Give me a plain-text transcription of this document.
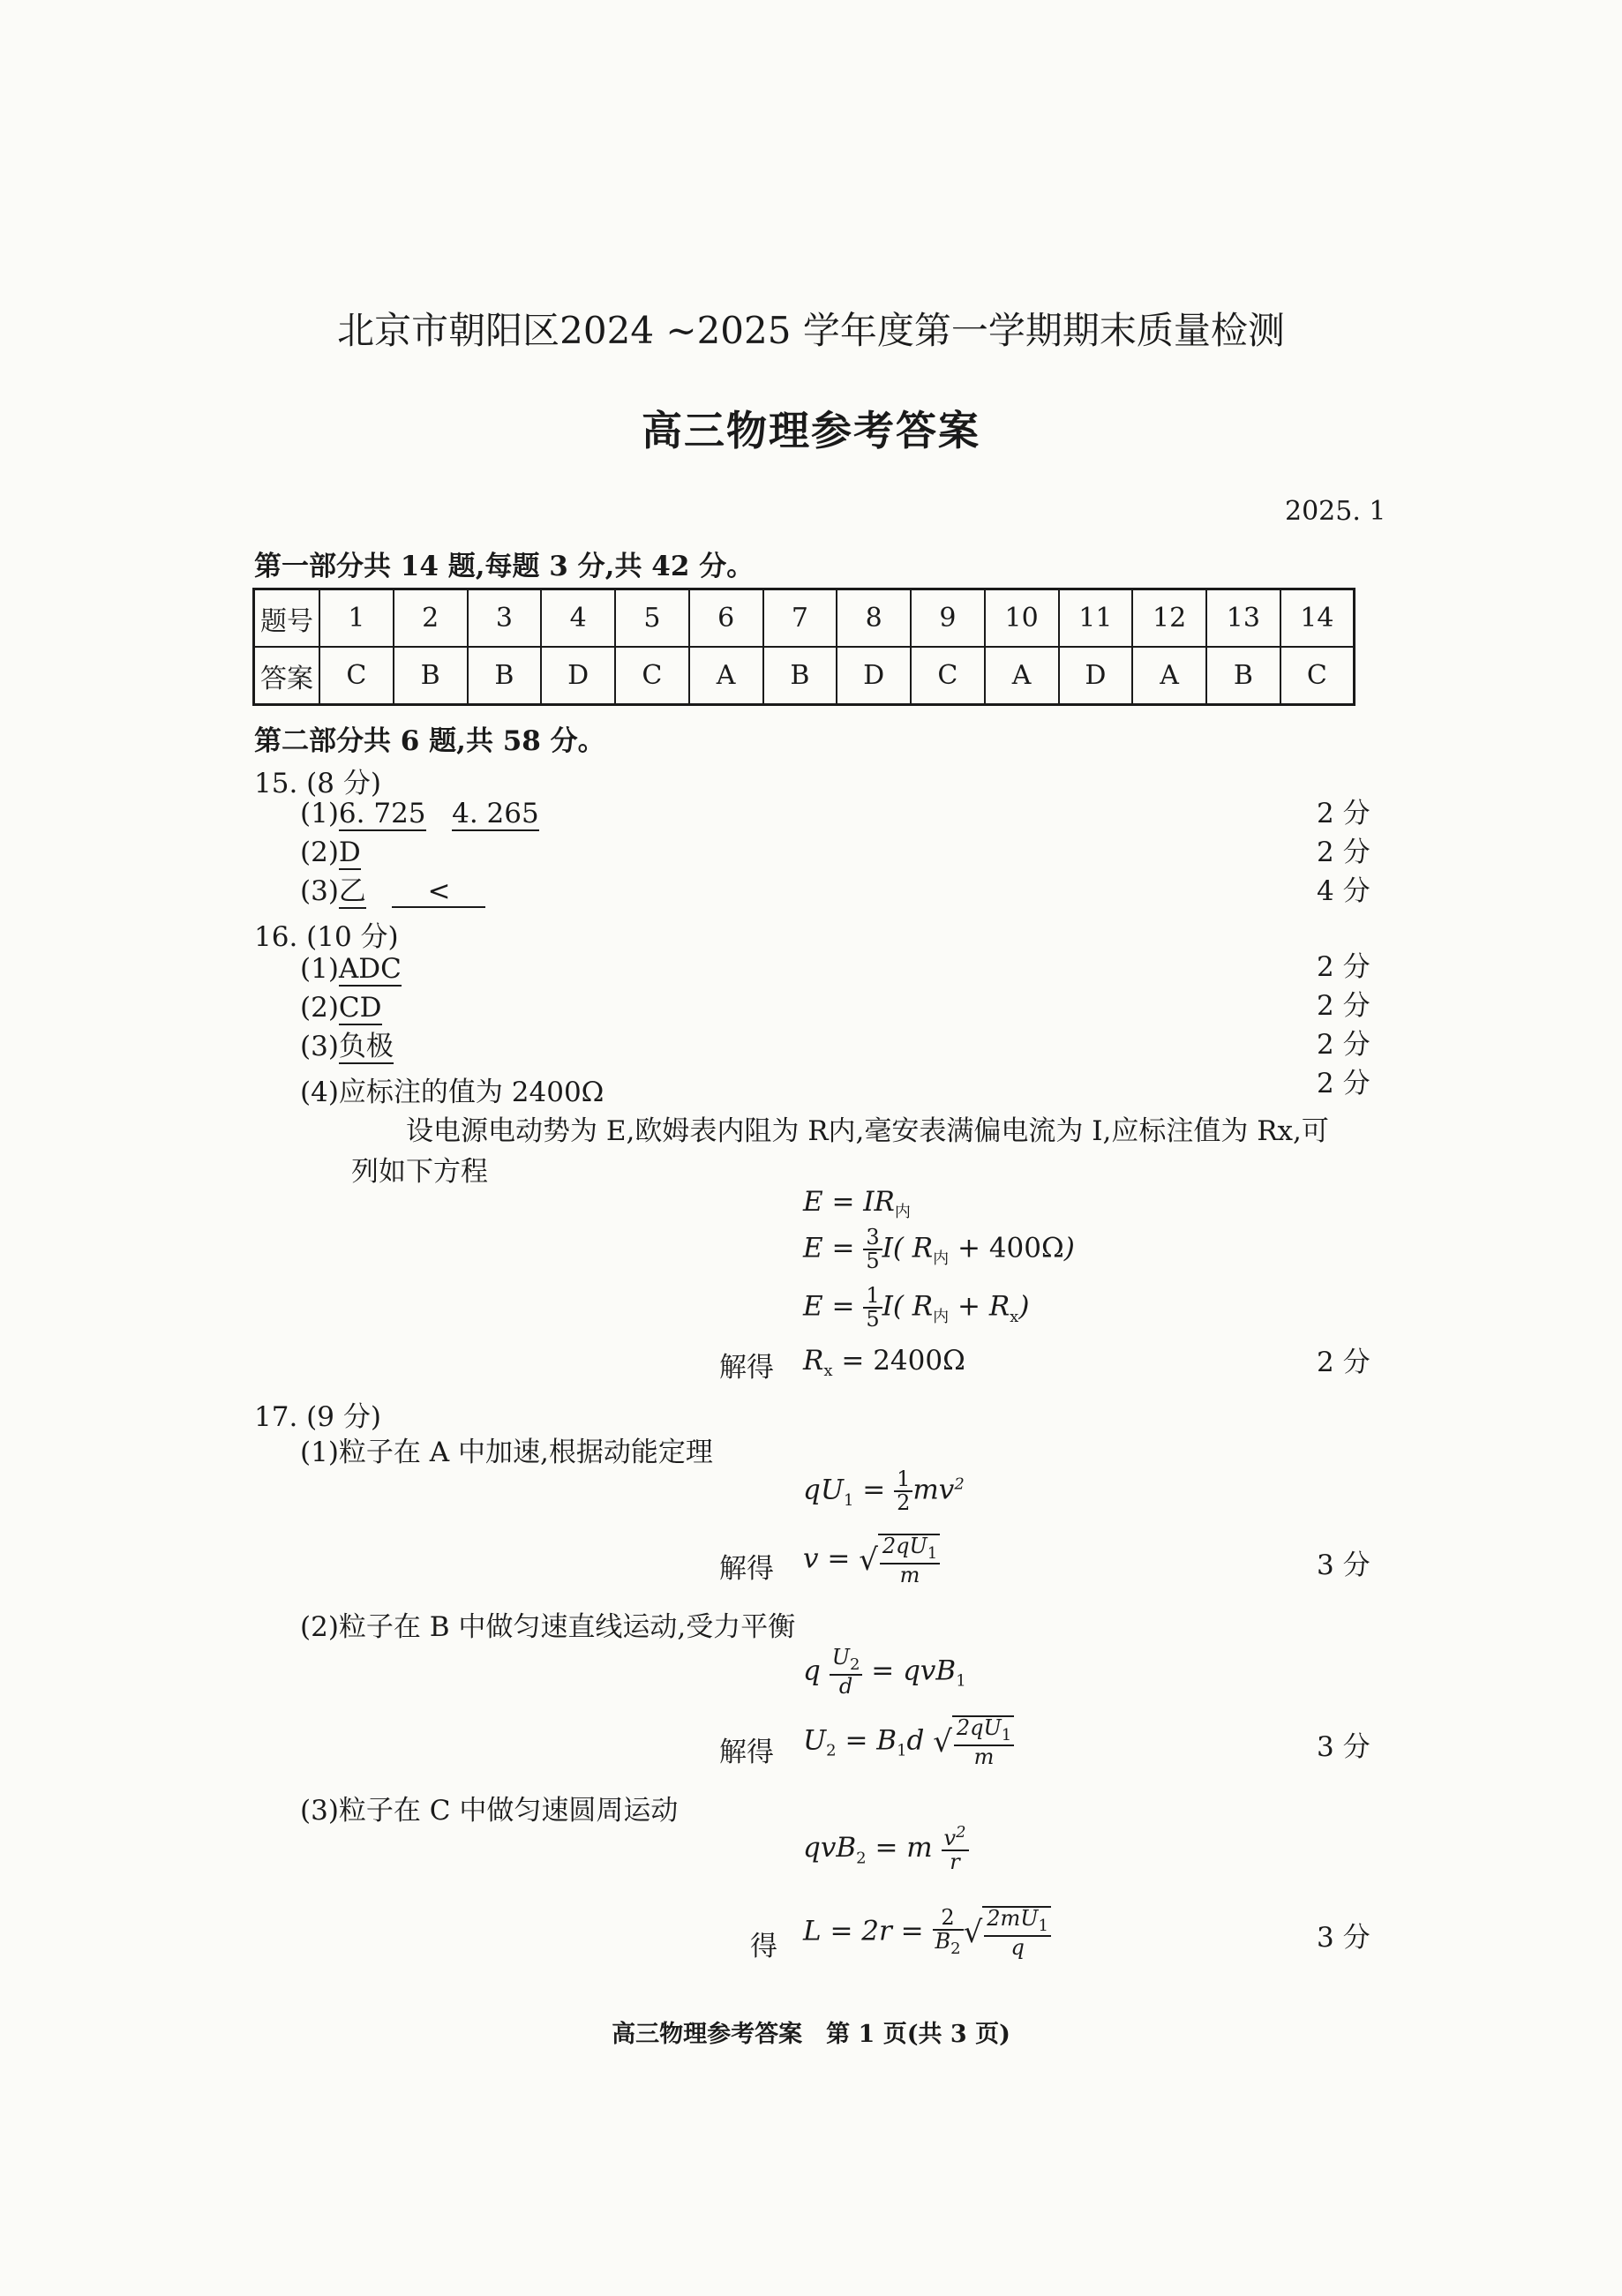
北京市朝阳区2024 ~2025 学年度第一学期期末质量检测
高三物理参考答案
2025. 1
第一部分共 14 题,每题 3 分,共 42 分。
题号	1	2	3	4	5	6	7	8	9	10	11	12	13	14
答案	C	B	B	D	C	A	B	D	C	A	D	A	B	C
第二部分共 6 题,共 58 分。
15. (8 分)
(1)6. 725 4. 265	2 分
(2)D	2 分
(3)乙 <	4 分
16. (10 分)
(1)ADC	2 分
(2)CD	2 分
(3)负极	2 分
(4)应标注的值为 2400Ω	2 分
设电源电动势为 E,欧姆表内阻为 R内,毫安表满偏电流为 I,应标注值为 Rx,可
列如下方程
$E = IR_内$
$E = \frac{3}{5} I$( $R_内 + 400\Omega$)
$E = \frac{1}{5} I$( $R_内 + R_x$)
解得 $R_x = 2400\Omega$	2 分
17. (9 分)
(1)粒子在 A 中加速,根据动能定理
$qU_1 = \frac{1}{2} mv^2$
解得 v = √ $\frac{2qU_1}{m}$	3 分
(2)粒子在 B 中做匀速直线运动,受力平衡
q $\frac{U_2}{d} = qvB_1$
解得 $U_2 = B_1d$ √ $\frac{2qU_1}{m}$	3 分
(3)粒子在 C 中做匀速圆周运动
qvB$_2$ = m $\frac{v^2}{r}$
得 $L = 2r = \frac{2}{B_2}$ √ $\frac{2mU_1}{q}$	3 分
高三物理参考答案　第 1 页(共 3 页)
